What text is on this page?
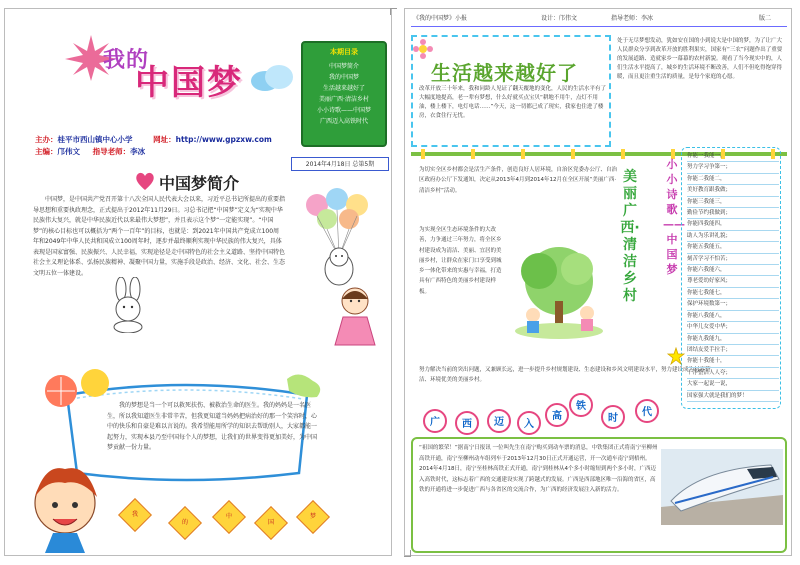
我的
中国梦
主办：桂平市西山镇中心小学	网址：http://www.gpzxw.com
主编：邝伟文 指导老师：李冰
本期目录
中国梦简介
我的中国梦
生活越来越好了
美丽广西·清洁乡村
小小诗歌——中国梦
广西迈入高铁时代
2014年4月18日 总第5期
中国梦简介
中国梦，是中国共产党召开第十八次全国人民代表大会以来，习近平总书记所提出的重要指导思想和重要执政理念，正式提出于2012年11月29日。习总书记把“中国梦”定义为“实现中华民族伟大复兴，就是中华民族近代以来最伟大梦想”，并且表示这个梦“一定能实现”。“中国梦”的核心目标也可以概括为“两个一百年”的目标，也就是：到2021年中国共产党成立100周年和2049年中华人民共和国成立100周年时，逐步并最终顺利实现中华民族的伟大复兴，具体表现是国家富强、民族振兴、人民幸福，实现途径是走中国特色的社会主义道路、坚持中国特色社会主义理论体系、弘扬民族精神、凝聚中国力量，实施手段是政治、经济、文化、社会、生态文明五位一体建设。
我的梦想是当一个可以救死扶伤、被救治生命的医生。我的妈妈是一名医生，所以我知道医生非常辛苦，但我更知道当妈妈把病治好的那一个笑容时，心中的快乐和自豪是难以言说的。我希望能用所学的知识去帮助别人，大家都能一起努力，实现本县乃至中国每个人的梦想，让我们的世界变得更加美好，为中国梦贡献一份力量。
我
的
中
国
梦
《我的中国梦》小报	设计：邝伟文	指导老师：李冰	版二
生活越来越好了
改革开放三十年来，我和同龄人见证了翻天覆地的变化，人民的生活水平有了大幅度地提高，老一辈有梦想，什么好就买点宝贝“耕地不用牛，点灯不用油，楼上楼下，电灯电话……”今天，这一切都已成了现实，我家也住进了楼房，衣食住行无忧。
处于无尽梦想发动，犹如安在国的小到说大是中国的梦，为了让广大人民群众分享到改革开放的胜利果实，国家有“三农”问题作出了重要的发展道路、造就家乡一幕幕的农村新貌。观看了当今现实中的，人们生活水平提高了，城乡的生活环境不断改善，人们不但吃得饱穿得暖，而且更注重生活的质量，是每个家庭的心愿。
为切实全区乡村都会是活生产条件，创造良好人居环境，自治区党委办公厅、自治区政府办公厅下发通知，决定从2013年4月到2014年12月在全区开展“美丽广西·清洁乡村”活动。
为实现全区生态环境条件的大改善，力争通过三年努力，将全区乡村建设成为清洁、美丽、宜居的美丽乡村，让群众在家门口享受到城乡一体化带来的实惠与幸福，打造具有广西特色的美丽乡村建设样板。
美丽广西·清洁乡村
努力解决当前的突出问题，又兼顾长远，进一步提升乡村规划建设、生态建设和乡风文明建设水平，努力建设成为村容整洁、环境优美的美丽乡村。
小小诗歌——中国梦
你能一我能一，
努力学习争第一；
你能二我能二，
美好教育跟我做；
你能三我能三，
勤俭节约我做到；
你能四我能四，
助人为乐讲礼貌；
你能五我能五，
刻苦学习不怕苦；
你能六我能六，
尊老爱幼好家风；
你能七我能七，
保护环境数第一；
你能八我能八，
中华儿女爱中华；
你能九我能九，
团结友爱手拉手；
你能十我能十，
干净整洁人人夸；
大家一起说一说，
国家强大就是我们的梦！
广	西	迈	入
高
铁
时
代
“祖国的繁荣！”据南宁日报讯 一位叫先生在南宁购买到动车票的消息，中铁集团正式将南宁至柳州高铁开通，南宁至柳州动车组列车于2013年12月30日正式开通运营，开一次通车南宁到梧州。2014年4月18日，南宁至桂林高铁正式开通，南宁到桂林从4个多小时缩短到两个多小时，广西迈入高铁时代，这标志着广西的交通建设实现了跨越式的发展。广西是西部地区唯一沿海的省区，高铁的开通将进一步促进广西与各省区的交流合作，为广西的经济发展注入新的活力。
